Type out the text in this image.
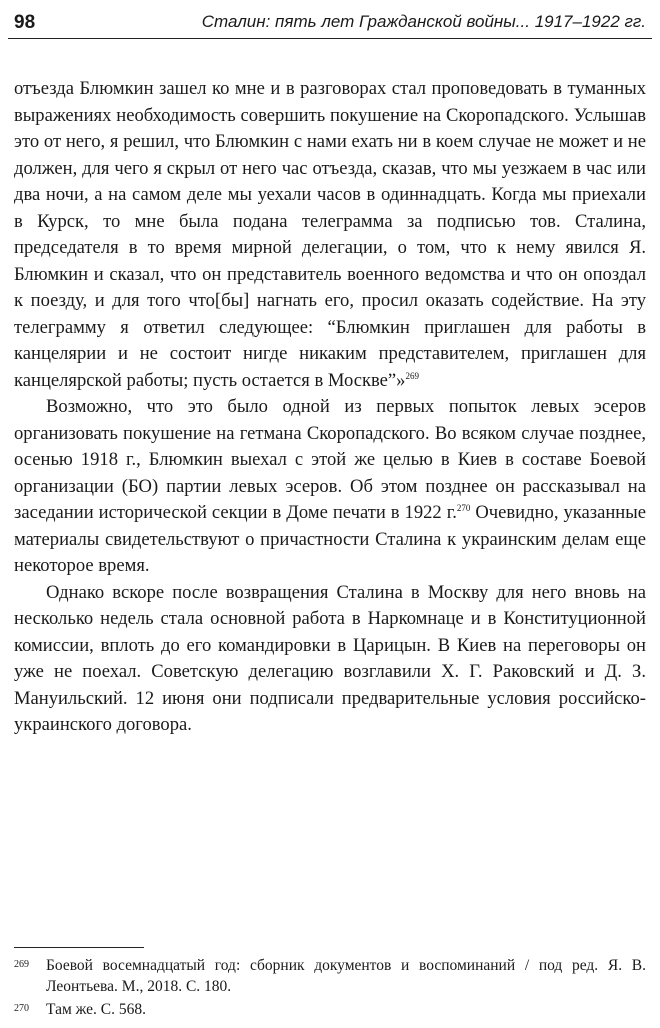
98	Сталин: пять лет Гражданской войны... 1917–1922 гг.

отъезда Блюмкин зашел ко мне и в разговорах стал проповедовать в туманных выражениях необходимость совершить покушение на Скоропадского. Услышав это от него, я решил, что Блюмкин с нами ехать ни в коем случае не может и не должен, для чего я скрыл от него час отъезда, сказав, что мы уезжаем в час или два ночи, а на самом деле мы уехали часов в одиннадцать. Когда мы приехали в Курск, то мне была подана телеграмма за подписью тов. Сталина, председателя в то время мирной делегации, о том, что к нему явился Я. Блюмкин и сказал, что он представитель военного ведомства и что он опоздал к поезду, и для того что[бы] нагнать его, просил оказать содействие. На эту телеграмму я ответил следующее: “Блюмкин приглашен для работы в канцелярии и не состоит нигде никаким представителем, приглашен для канцелярской работы; пусть остается в Москве”»$^{269}$

Возможно, что это было одной из первых попыток левых эсеров организовать покушение на гетмана Скоропадского. Во всяком случае позднее, осенью 1918 г., Блюмкин выехал с этой же целью в Киев в составе Боевой организации (БО) партии левых эсеров. Об этом позднее он рассказывал на заседании исторической секции в Доме печати в 1922 г.$^{270}$ Очевидно, указанные материалы свидетельствуют о причастности Сталина к украинским делам еще некоторое время.

Однако вскоре после возвращения Сталина в Москву для него вновь на несколько недель стала основной работа в Наркомнаце и в Конституционной комиссии, вплоть до его командировки в Царицын. В Киев на переговоры он уже не поехал. Советскую делегацию возглавили Х. Г. Раковский и Д. З. Мануильский. 12 июня они подписали предварительные условия российско-украинского договора.

269 Боевой восемнадцатый год: сборник документов и воспоминаний / под ред. Я. В. Леонтьева. М., 2018. С. 180.
270 Там же. С. 568.
